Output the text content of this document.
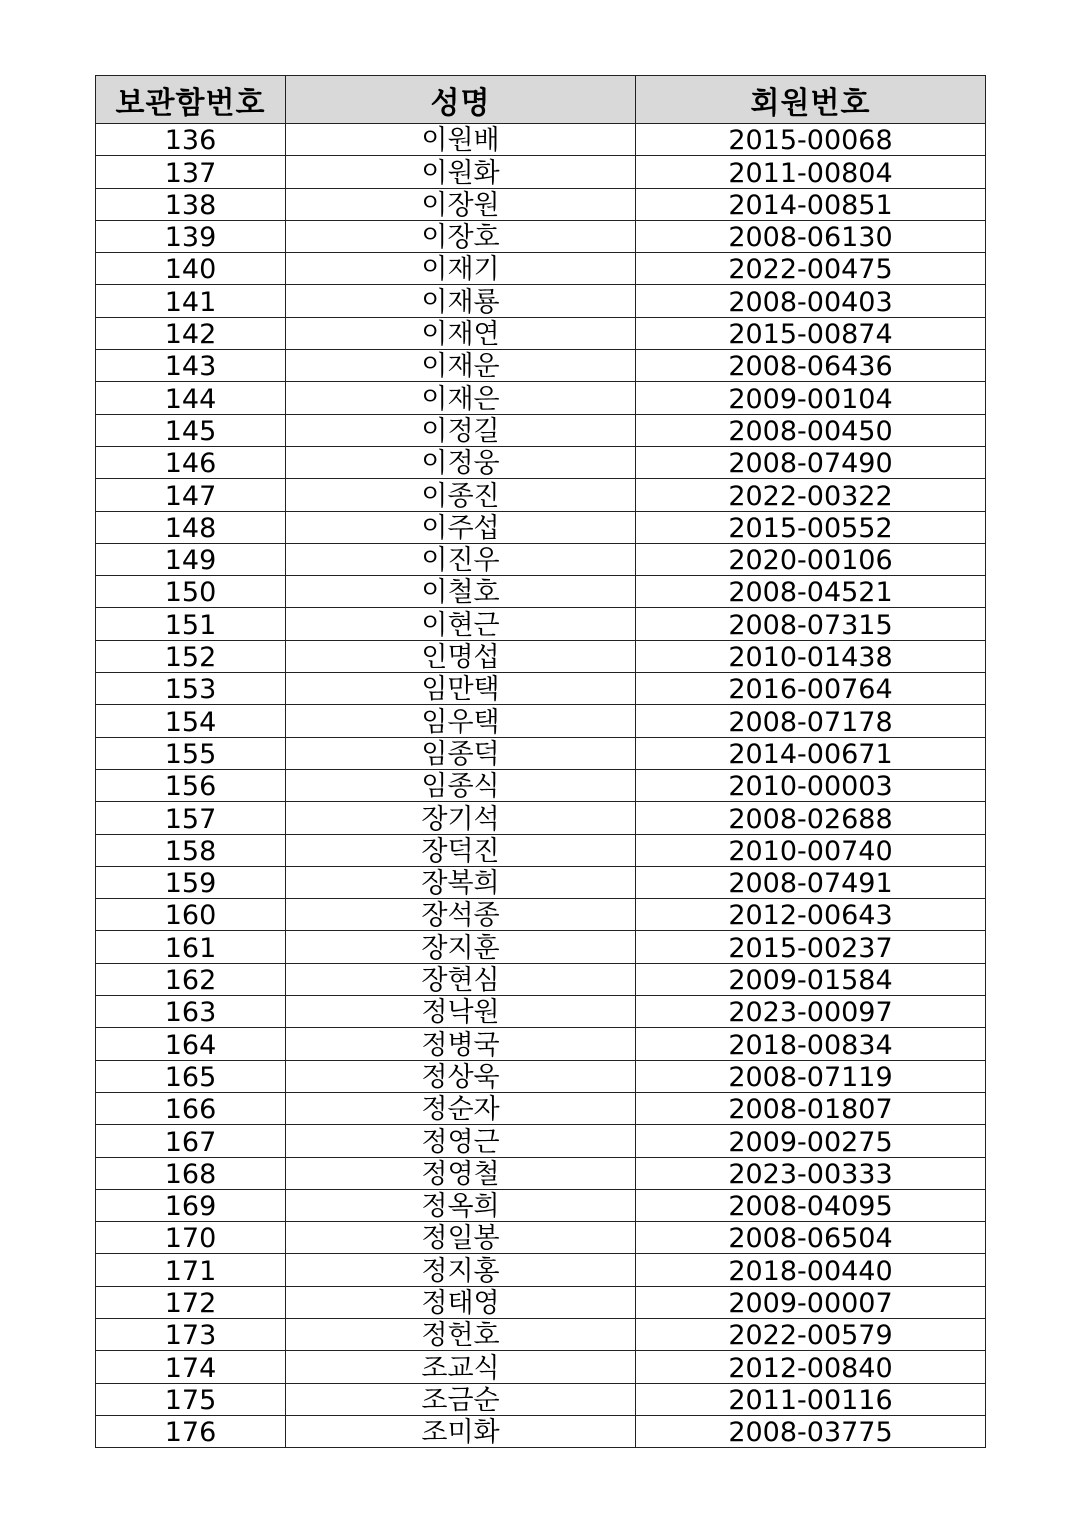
보관함번호	성명	회원번호
136	이원배	2015-00068
137	이원화	2011-00804
138	이장원	2014-00851
139	이장호	2008-06130
140	이재기	2022-00475
141	이재룡	2008-00403
142	이재연	2015-00874
143	이재운	2008-06436
144	이재은	2009-00104
145	이정길	2008-00450
146	이정웅	2008-07490
147	이종진	2022-00322
148	이주섭	2015-00552
149	이진우	2020-00106
150	이철호	2008-04521
151	이현근	2008-07315
152	인명섭	2010-01438
153	임만택	2016-00764
154	임우택	2008-07178
155	임종덕	2014-00671
156	임종식	2010-00003
157	장기석	2008-02688
158	장덕진	2010-00740
159	장복희	2008-07491
160	장석종	2012-00643
161	장지훈	2015-00237
162	장현심	2009-01584
163	정낙원	2023-00097
164	정병국	2018-00834
165	정상욱	2008-07119
166	정순자	2008-01807
167	정영근	2009-00275
168	정영철	2023-00333
169	정옥희	2008-04095
170	정일봉	2008-06504
171	정지홍	2018-00440
172	정태영	2009-00007
173	정헌호	2022-00579
174	조교식	2012-00840
175	조금순	2011-00116
176	조미화	2008-03775
